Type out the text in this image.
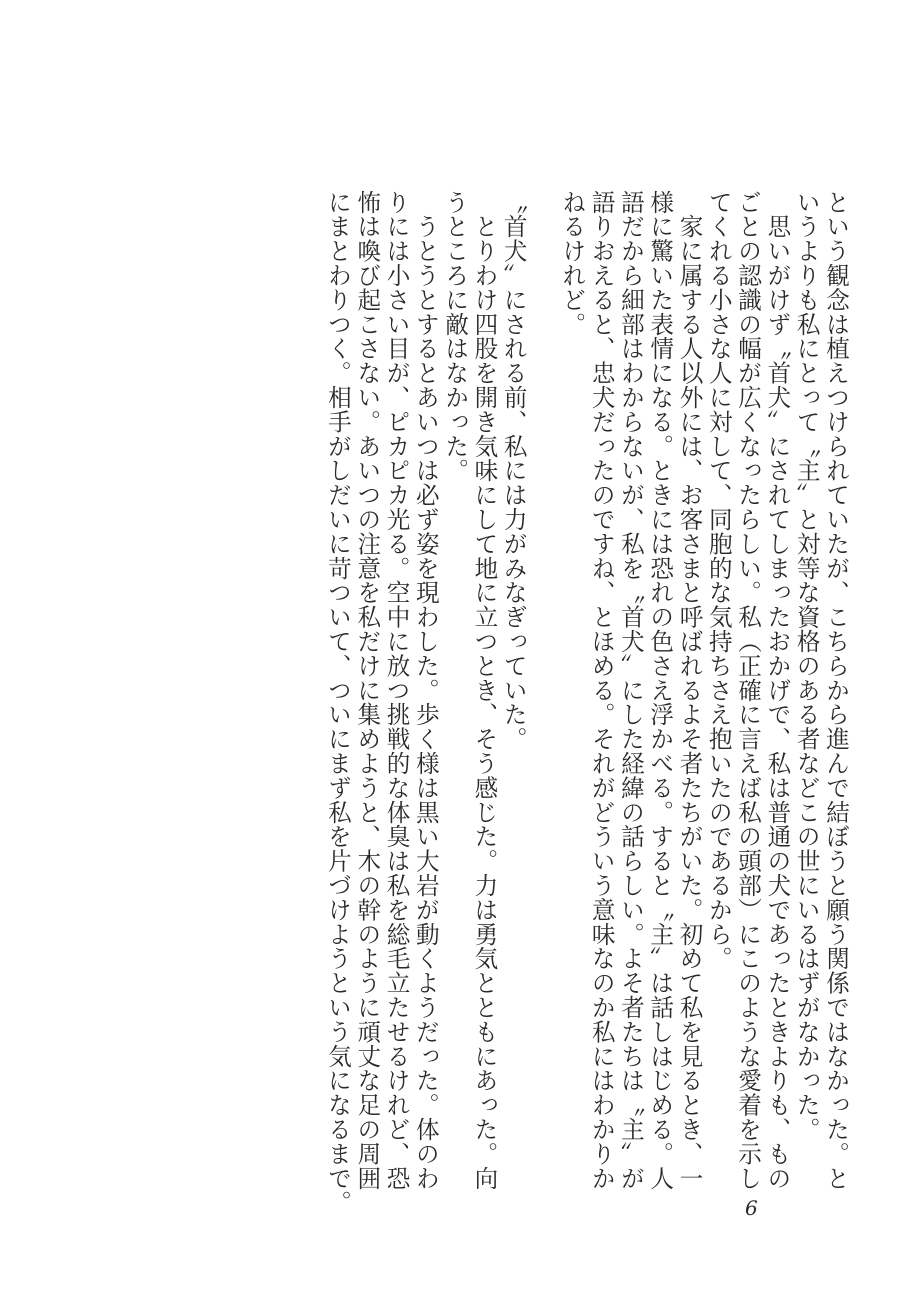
という観念は植えつけられていたが、こちらから進んで結ぼうと願う関係ではなかった。と
いうよりも私にとって〝主〟と対等な資格のある者などこの世にいるはずがなかった。
　思いがけず〝首犬〟にされてしまったおかげで、私は普通の犬であったときよりも、もの
ごとの認識の幅が広くなったらしい。私（正確に言えば私の頭部）にこのような愛着を示し
てくれる小さな人に対して、同胞的な気持ちさえ抱いたのであるから。
　家に属する人以外には、お客さまと呼ばれるよそ者たちがいた。初めて私を見るとき、一
様に驚いた表情になる。ときには恐れの色さえ浮かべる。すると〝主〟は話しはじめる。人
語だから細部はわからないが、私を〝首犬〟にした経緯の話らしい。よそ者たちは〝主〟が
語りおえると、忠犬だったのですね、とほめる。それがどういう意味なのか私にはわかりか
ねるけれど。
〝首犬〟にされる前、私には力がみなぎっていた。
　とりわけ四股を開き気味にして地に立つとき、そう感じた。力は勇気とともにあった。向
うところに敵はなかった。
　うとうとするとあいつは必ず姿を現わした。歩く様は黒い大岩が動くようだった。体のわ
りには小さい目が、ピカピカ光る。空中に放つ挑戦的な体臭は私を総毛立たせるけれど、恐
怖は喚び起こさない。あいつの注意を私だけに集めようと、木の幹のように頑丈な足の周囲
にまとわりつく。相手がしだいに苛ついて、ついにまず私を片づけようという気になるまで。	6
